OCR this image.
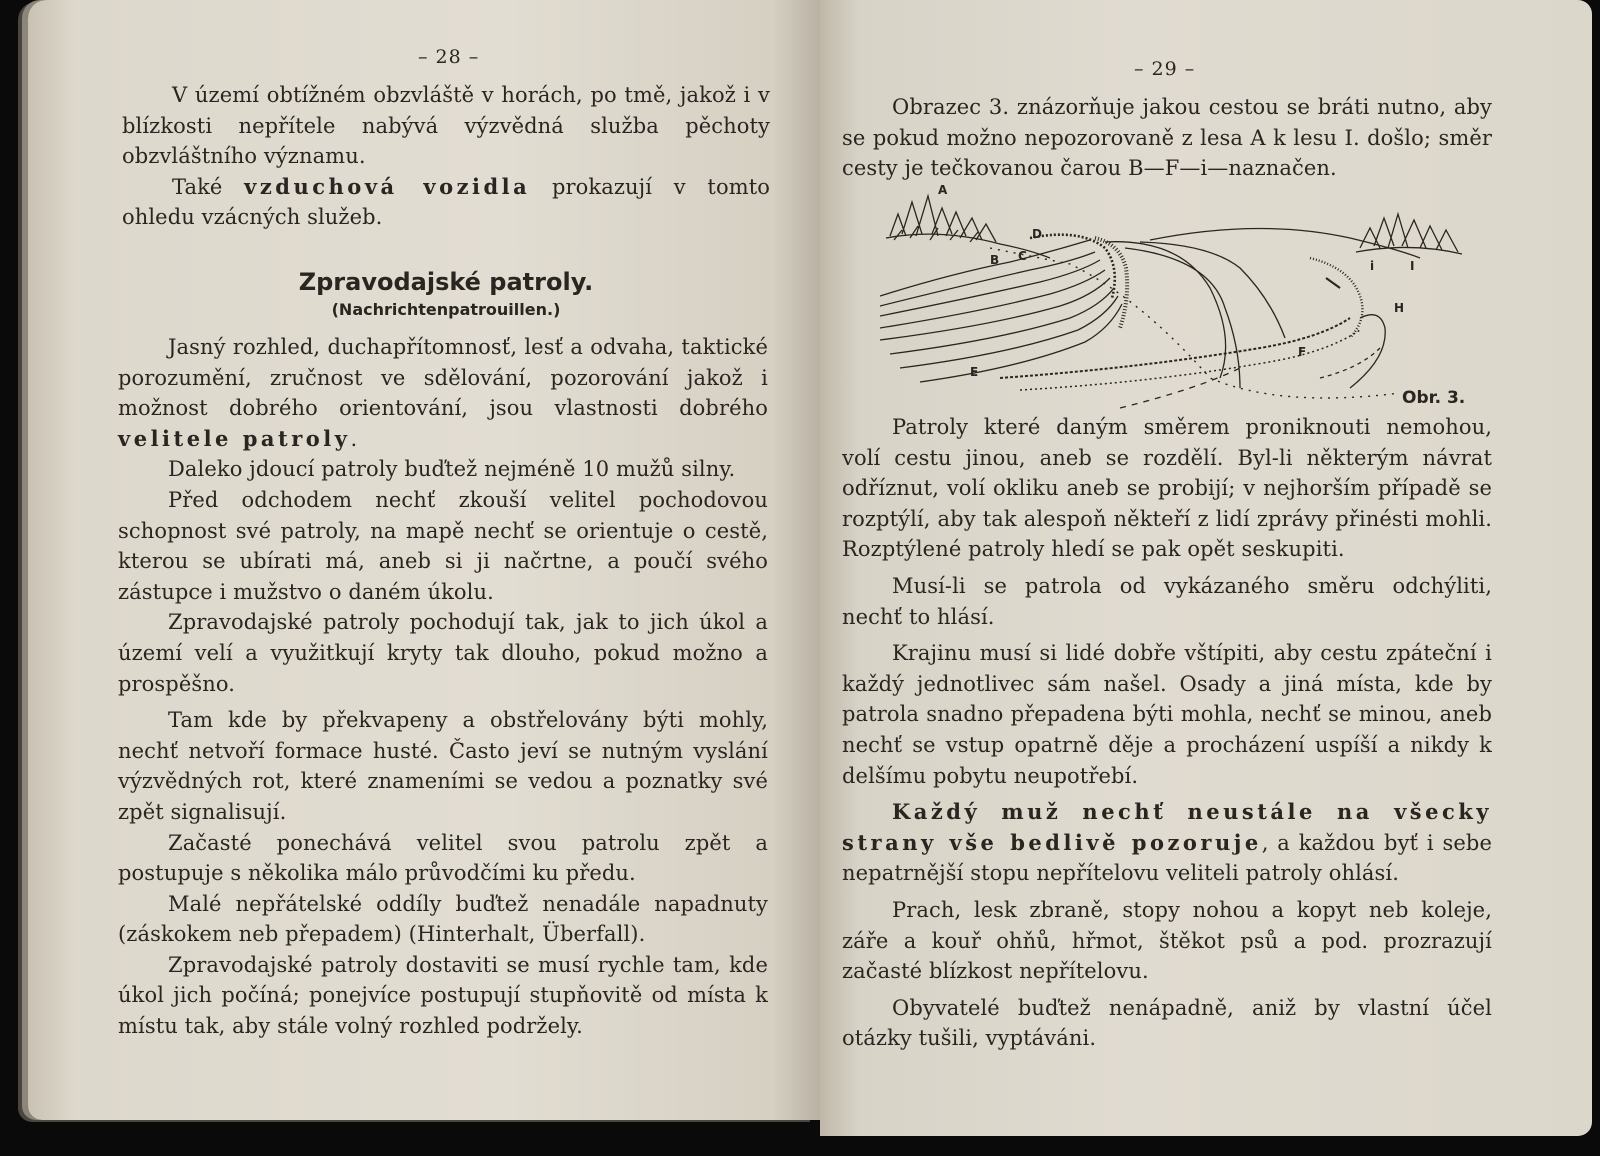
– 28 –

V území obtížném obzvláště v horách, po tmě, jakož i v blízkosti nepřítele nabývá výzvědná služba pěchoty obzvláštního významu.

Také vzduchová vozidla prokazují v tomto ohledu vzácných služeb.

Zpravodajské patroly.
(Nachrichtenpatrouillen.)

Jasný rozhled, duchapřítomnosť, lesť a odvaha, taktické porozumění, zručnost ve sdělování, pozorování jakož i možnost dobrého orientování, jsou vlastnosti dobrého velitele patroly.

Daleko jdoucí patroly buďtež nejméně 10 mužů silny.

Před odchodem nechť zkouší velitel pochodovou schopnost své patroly, na mapě nechť se orientuje o cestě, kterou se ubírati má, aneb si ji načrtne, a poučí svého zástupce i mužstvo o daném úkolu.

Zpravodajské patroly pochodují tak, jak to jich úkol a území velí a využitkují kryty tak dlouho, pokud možno a prospěšno.

Tam kde by překvapeny a obstřelovány býti mohly, nechť netvoří formace husté. Často jeví se nutným vyslání výzvědných rot, které znameními se vedou a poznatky své zpět signalisují.

Začasté ponechává velitel svou patrolu zpět a postupuje s několika málo průvodčími ku předu.

Malé nepřátelské oddíly buďtež nenadále napadnuty (záskokem neb přepadem) (Hinterhalt, Überfall).

Zpravodajské patroly dostaviti se musí rychle tam, kde úkol jich počíná; ponejvíce postupují stupňovitě od místa k místu tak, aby stále volný rozhled podržely.

– 29 –

Obrazec 3. znázorňuje jakou cestou se bráti nutno, aby se pokud možno nepozorovaně z lesa A k lesu I. došlo; směr cesty je tečkovanou čarou B—F—i—naznačen.

A
B C
D
E
F
H
I
i
Obr. 3.

Patroly které daným směrem proniknouti nemohou, volí cestu jinou, aneb se rozdělí. Byl-li některým návrat odříznut, volí okliku aneb se probijí; v nejhorším případě se rozptýlí, aby tak alespoň někteří z lidí zprávy přinésti mohli. Rozptýlené patroly hledí se pak opět seskupiti.

Musí-li se patrola od vykázaného směru odchýliti, nechť to hlásí.

Krajinu musí si lidé dobře vštípiti, aby cestu zpáteční i každý jednotlivec sám našel. Osady a jiná místa, kde by patrola snadno přepadena býti mohla, nechť se minou, aneb nechť se vstup opatrně děje a procházení uspíší a nikdy k delšímu pobytu neupotřebí.

Každý muž nechť neustále na všecky strany vše bedlivě pozoruje, a každou byť i sebe nepatrnější stopu nepřítelovu veliteli patroly ohlásí.

Prach, lesk zbraně, stopy nohou a kopyt neb koleje, záře a kouř ohňů, hřmot, štěkot psů a pod. prozrazují začasté blízkost nepřítelovu.

Obyvatelé buďtež nenápadně, aniž by vlastní účel otázky tušili, vyptáváni.
